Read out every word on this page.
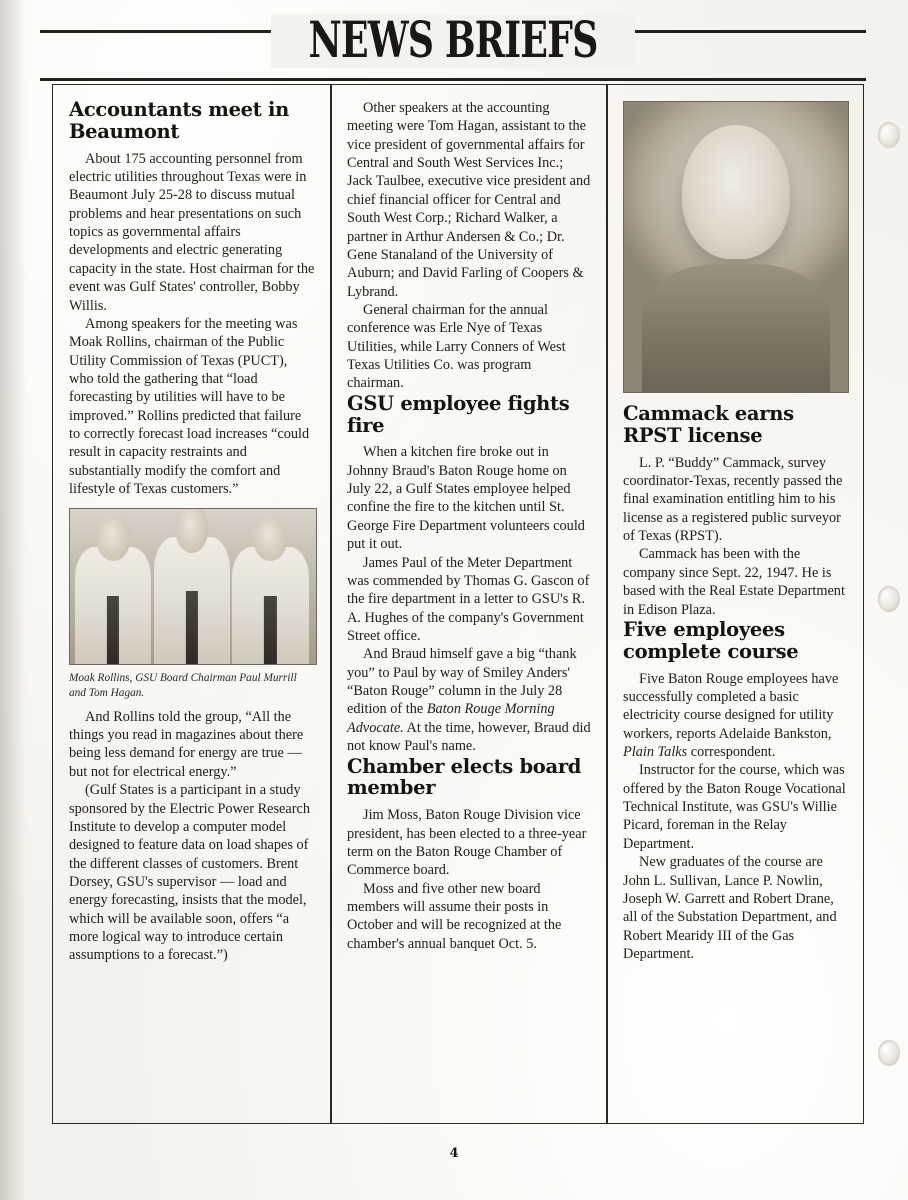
NEWS BRIEFS
Accountants meet in Beaumont

About 175 accounting personnel from electric utilities throughout Texas were in Beaumont July 25-28 to discuss mutual problems and hear presentations on such topics as governmental affairs developments and electric generating capacity in the state. Host chairman for the event was Gulf States' controller, Bobby Willis.

Among speakers for the meeting was Moak Rollins, chairman of the Public Utility Commission of Texas (PUCT), who told the gathering that “load forecasting by utilities will have to be improved.” Rollins predicted that failure to correctly forecast load increases “could result in capacity restraints and substantially modify the comfort and lifestyle of Texas customers.”

Moak Rollins, GSU Board Chairman Paul Murrill and Tom Hagan.

And Rollins told the group, “All the things you read in magazines about there being less demand for energy are true — but not for electrical energy.”

(Gulf States is a participant in a study sponsored by the Electric Power Research Institute to develop a computer model designed to feature data on load shapes of the different classes of customers. Brent Dorsey, GSU's supervisor — load and energy forecasting, insists that the model, which will be available soon, offers “a more logical way to introduce certain assumptions to a forecast.”)

Other speakers at the accounting meeting were Tom Hagan, assistant to the vice president of governmental affairs for Central and South West Services Inc.; Jack Taulbee, executive vice president and chief financial officer for Central and South West Corp.; Richard Walker, a partner in Arthur Andersen & Co.; Dr. Gene Stanaland of the University of Auburn; and David Farling of Coopers & Lybrand.

General chairman for the annual conference was Erle Nye of Texas Utilities, while Larry Conners of West Texas Utilities Co. was program chairman.

GSU employee fights fire

When a kitchen fire broke out in Johnny Braud's Baton Rouge home on July 22, a Gulf States employee helped confine the fire to the kitchen until St. George Fire Department volunteers could put it out.

James Paul of the Meter Department was commended by Thomas G. Gascon of the fire department in a letter to GSU's R. A. Hughes of the company's Government Street office.

And Braud himself gave a big “thank you” to Paul by way of Smiley Anders' “Baton Rouge” column in the July 28 edition of the Baton Rouge Morning Advocate. At the time, however, Braud did not know Paul's name.

Chamber elects board member

Jim Moss, Baton Rouge Division vice president, has been elected to a three-year term on the Baton Rouge Chamber of Commerce board.

Moss and five other new board members will assume their posts in October and will be recognized at the chamber's annual banquet Oct. 5.

Cammack earns RPST license

L. P. “Buddy” Cammack, survey coordinator-Texas, recently passed the final examination entitling him to his license as a registered public surveyor of Texas (RPST).

Cammack has been with the company since Sept. 22, 1947. He is based with the Real Estate Department in Edison Plaza.

Five employees complete course

Five Baton Rouge employees have successfully completed a basic electricity course designed for utility workers, reports Adelaide Bankston, Plain Talks correspondent.

Instructor for the course, which was offered by the Baton Rouge Vocational Technical Institute, was GSU's Willie Picard, foreman in the Relay Department.

New graduates of the course are John L. Sullivan, Lance P. Nowlin, Joseph W. Garrett and Robert Drane, all of the Substation Department, and Robert Mearidy III of the Gas Department.

4
